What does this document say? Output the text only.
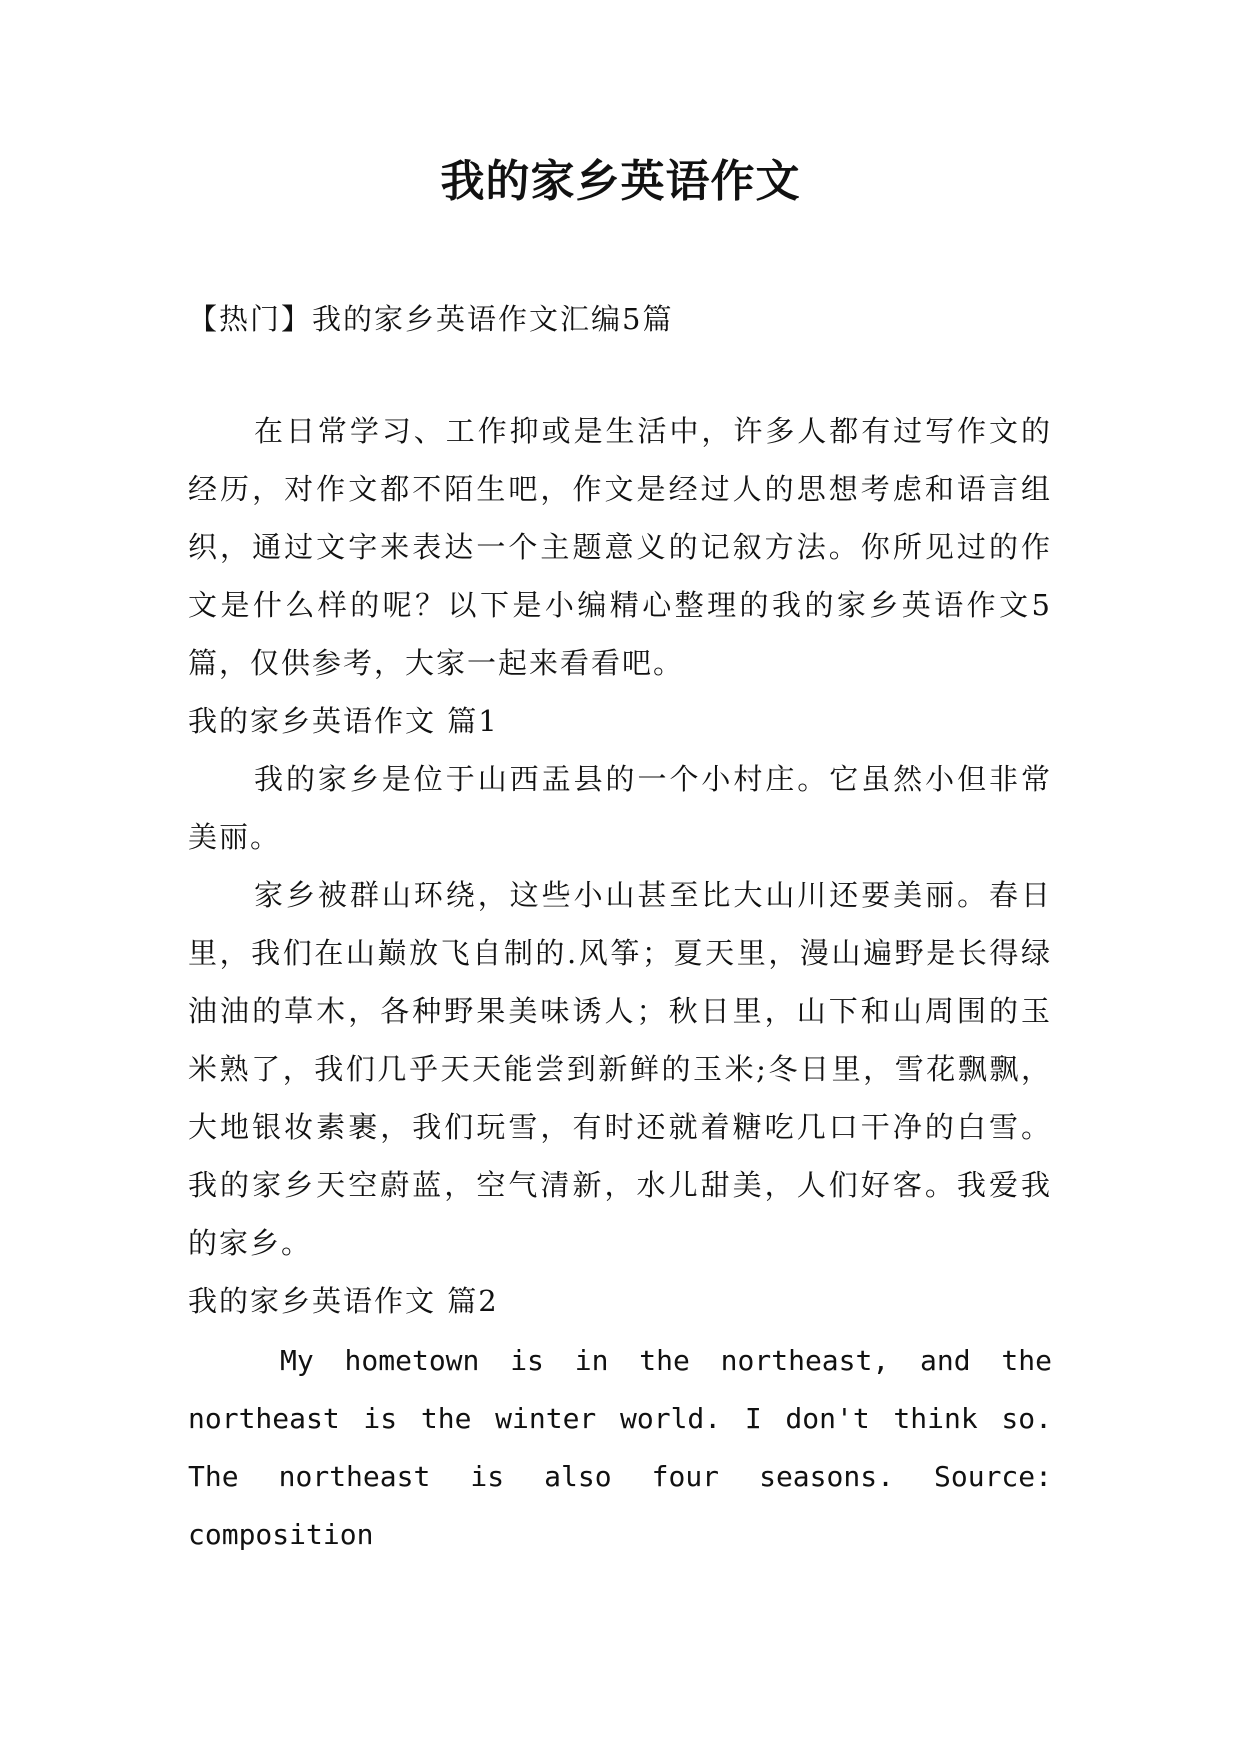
我的家乡英语作文
【热门】我的家乡英语作文汇编5篇

在日常学习、工作抑或是生活中，许多人都有过写作文的经历，对作文都不陌生吧，作文是经过人的思想考虑和语言组织，通过文字来表达一个主题意义的记叙方法。你所见过的作文是什么样的呢？以下是小编精心整理的我的家乡英语作文5篇，仅供参考，大家一起来看看吧。

我的家乡英语作文 篇1

我的家乡是位于山西盂县的一个小村庄。它虽然小但非常美丽。

家乡被群山环绕，这些小山甚至比大山川还要美丽。春日里，我们在山巅放飞自制的.风筝；夏天里，漫山遍野是长得绿油油的草木，各种野果美味诱人；秋日里，山下和山周围的玉米熟了，我们几乎天天能尝到新鲜的玉米;冬日里，雪花飘飘，大地银妆素裹，我们玩雪，有时还就着糖吃几口干净的白雪。我的家乡天空蔚蓝，空气清新，水儿甜美，人们好客。我爱我的家乡。

我的家乡英语作文 篇2

My hometown is in the northeast, and the northeast is the winter world. I don't think so. The northeast is also four seasons. Source: composition
